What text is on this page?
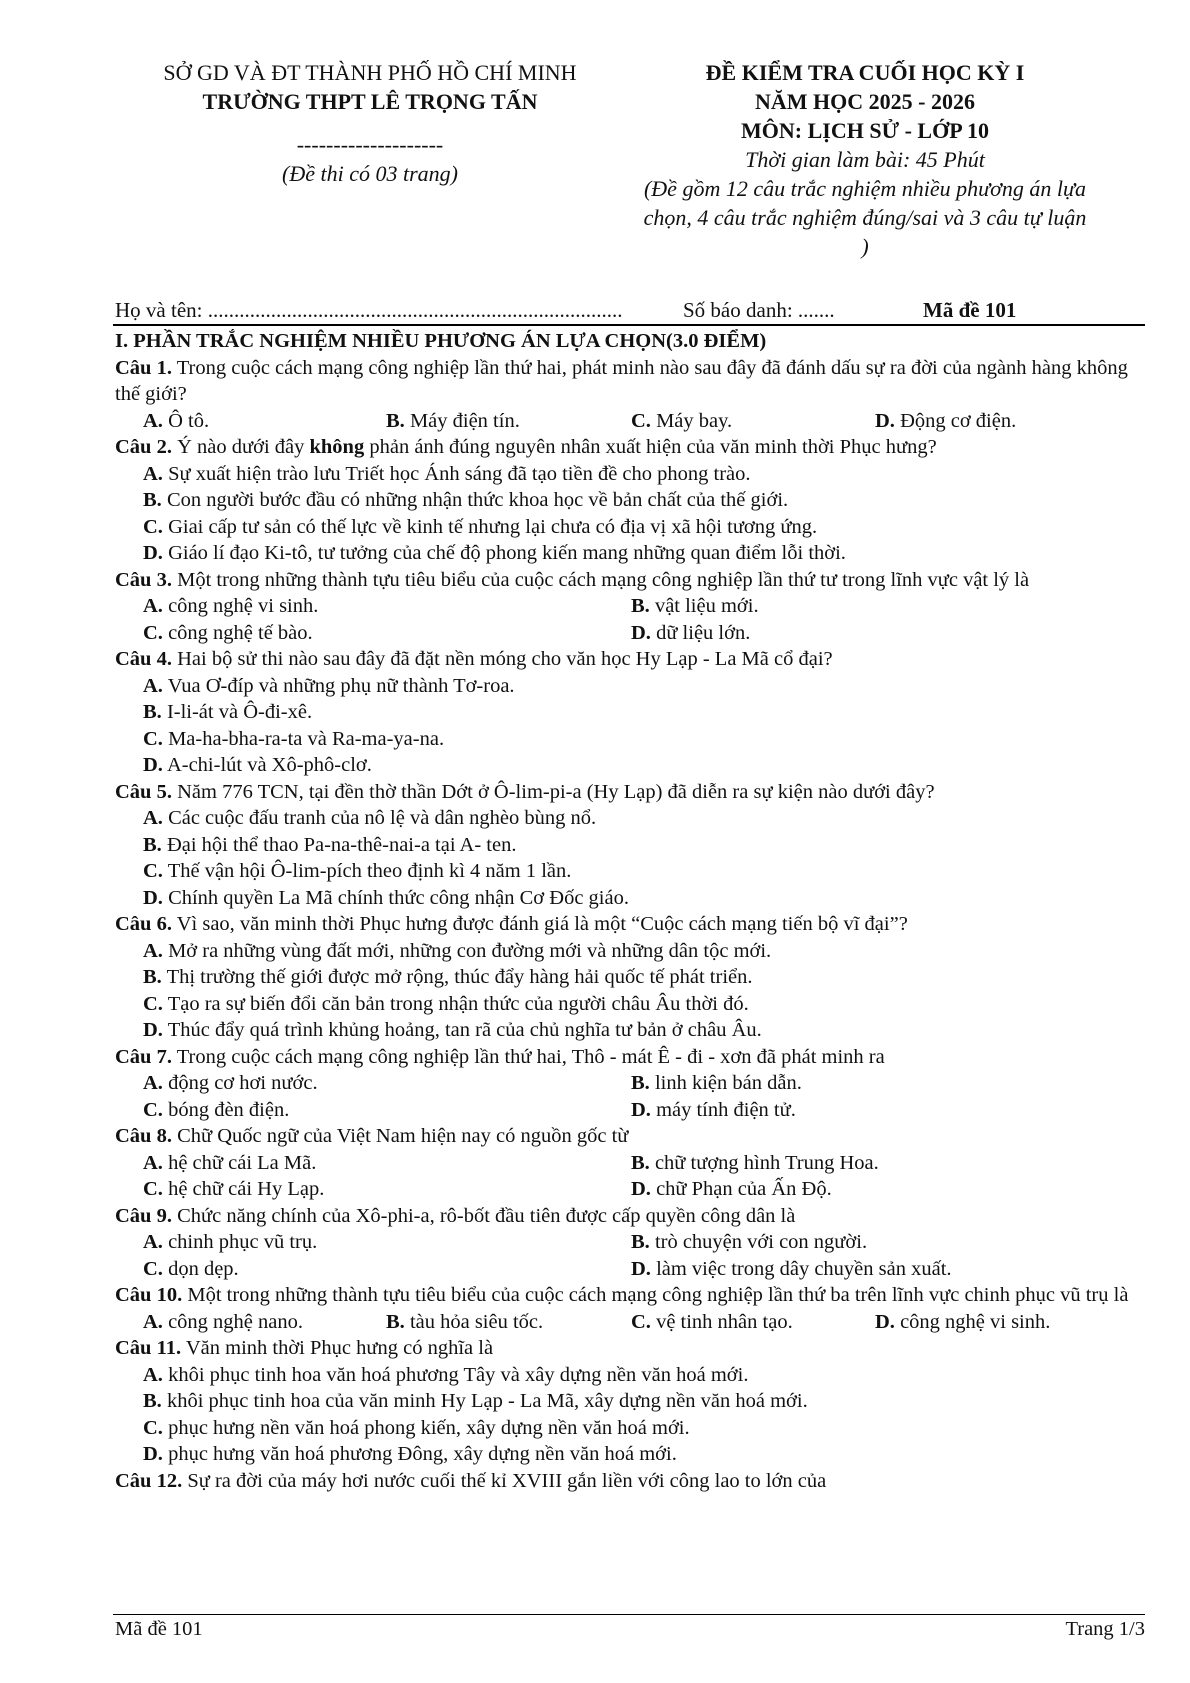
SỞ GD VÀ ĐT THÀNH PHỐ HỒ CHÍ MINH
TRƯỜNG THPT LÊ TRỌNG TẤN
--------------------
(Đề thi có 03 trang)
ĐỀ KIỂM TRA CUỐI HỌC KỲ I
NĂM HỌC 2025 - 2026
MÔN: LỊCH SỬ - LỚP 10
Thời gian làm bài: 45 Phút
(Đề gồm 12 câu trắc nghiệm nhiều phương án lựa chọn, 4 câu trắc nghiệm đúng/sai và 3 câu tự luận )
Họ và tên: ...............................................................................	Số báo danh: .......	Mã đề 101
I. PHẦN TRẮC NGHIỆM NHIỀU PHƯƠNG ÁN LỰA CHỌN(3.0 ĐIỂM)

Câu 1. Trong cuộc cách mạng công nghiệp lần thứ hai, phát minh nào sau đây đã đánh dấu sự ra đời của ngành hàng không thế giới?

A. Ô tô.	B. Máy điện tín.	C. Máy bay.	D. Động cơ điện.

Câu 2. Ý nào dưới đây không phản ánh đúng nguyên nhân xuất hiện của văn minh thời Phục hưng?

A. Sự xuất hiện trào lưu Triết học Ánh sáng đã tạo tiền đề cho phong trào.
B. Con người bước đầu có những nhận thức khoa học về bản chất của thế giới.
C. Giai cấp tư sản có thế lực về kinh tế nhưng lại chưa có địa vị xã hội tương ứng.
D. Giáo lí đạo Ki-tô, tư tưởng của chế độ phong kiến mang những quan điểm lỗi thời.

Câu 3. Một trong những thành tựu tiêu biểu của cuộc cách mạng công nghiệp lần thứ tư trong lĩnh vực vật lý là

A. công nghệ vi sinh.	B. vật liệu mới.
C. công nghệ tế bào.	D. dữ liệu lớn.

Câu 4. Hai bộ sử thi nào sau đây đã đặt nền móng cho văn học Hy Lạp - La Mã cổ đại?

A. Vua Ơ-đíp và những phụ nữ thành Tơ-roa.
B. I-li-át và Ô-đi-xê.
C. Ma-ha-bha-ra-ta và Ra-ma-ya-na.
D. A-chi-lút và Xô-phô-clơ.

Câu 5. Năm 776 TCN, tại đền thờ thần Dớt ở Ô-lim-pi-a (Hy Lạp) đã diễn ra sự kiện nào dưới đây?

A. Các cuộc đấu tranh của nô lệ và dân nghèo bùng nổ.
B. Đại hội thể thao Pa-na-thê-nai-a tại A- ten.
C. Thế vận hội Ô-lim-pích theo định kì 4 năm 1 lần.
D. Chính quyền La Mã chính thức công nhận Cơ Đốc giáo.

Câu 6. Vì sao, văn minh thời Phục hưng được đánh giá là một “Cuộc cách mạng tiến bộ vĩ đại”?

A. Mở ra những vùng đất mới, những con đường mới và những dân tộc mới.
B. Thị trường thế giới được mở rộng, thúc đẩy hàng hải quốc tế phát triển.
C. Tạo ra sự biến đổi căn bản trong nhận thức của người châu Âu thời đó.
D. Thúc đẩy quá trình khủng hoảng, tan rã của chủ nghĩa tư bản ở châu Âu.

Câu 7. Trong cuộc cách mạng công nghiệp lần thứ hai, Thô - mát Ê - đi - xơn đã phát minh ra

A. động cơ hơi nước.	B. linh kiện bán dẫn.
C. bóng đèn điện.	D. máy tính điện tử.

Câu 8. Chữ Quốc ngữ của Việt Nam hiện nay có nguồn gốc từ

A. hệ chữ cái La Mã.	B. chữ tượng hình Trung Hoa.
C. hệ chữ cái Hy Lạp.	D. chữ Phạn của Ấn Độ.

Câu 9. Chức năng chính của Xô-phi-a, rô-bốt đầu tiên được cấp quyền công dân là

A. chinh phục vũ trụ.	B. trò chuyện với con người.
C. dọn dẹp.	D. làm việc trong dây chuyền sản xuất.

Câu 10. Một trong những thành tựu tiêu biểu của cuộc cách mạng công nghiệp lần thứ ba trên lĩnh vực chinh phục vũ trụ là

A. công nghệ nano.	B. tàu hỏa siêu tốc.	C. vệ tinh nhân tạo.	D. công nghệ vi sinh.

Câu 11. Văn minh thời Phục hưng có nghĩa là

A. khôi phục tinh hoa văn hoá phương Tây và xây dựng nền văn hoá mới.
B. khôi phục tinh hoa của văn minh Hy Lạp - La Mã, xây dựng nền văn hoá mới.
C. phục hưng nền văn hoá phong kiến, xây dựng nền văn hoá mới.
D. phục hưng văn hoá phương Đông, xây dựng nền văn hoá mới.

Câu 12. Sự ra đời của máy hơi nước cuối thế kỉ XVIII gắn liền với công lao to lớn của

Mã đề 101	Trang 1/3
